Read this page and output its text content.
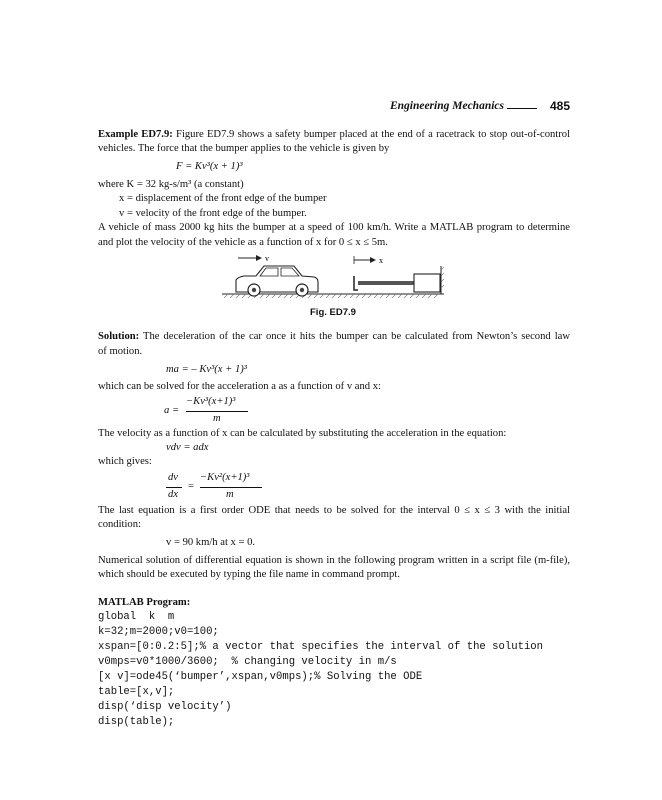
Engineering Mechanics	485
Example ED7.9: Figure ED7.9 shows a safety bumper placed at the end of a racetrack to stop out-of-control
vehicles. The force that the bumper applies to the vehicle is given by
F = Kv³(x + 1)³
where K = 32 kg-s/m³ (a constant)
x = displacement of the front edge of the bumper
v = velocity of the front edge of the bumper.
A vehicle of mass 2000 kg hits the bumper at a speed of 100 km/h. Write a MATLAB program to determine
and plot the velocity of the vehicle as a function of x for 0 ≤ x ≤ 5m.
v	x
Fig. ED7.9
Solution: The deceleration of the car once it hits the bumper can be calculated from Newton’s second law
of motion.
ma = – Kv³(x + 1)³
which can be solved for the acceleration a as a function of v and x:
a =
−Kv³(x+1)³
m
The velocity as a function of x can be calculated by substituting the acceleration in the equation:
vdv = adx
which gives:
dv
dx
=
−Kv²(x+1)³
m
The last equation is a first order ODE that needs to be solved for the interval 0 ≤ x ≤ 3 with the initial
condition:
v = 90 km/h at x = 0.
Numerical solution of differential equation is shown in the following program written in a script file (m-file),
which should be executed by typing the file name in command prompt.
MATLAB Program:
global  k  m
k=32;m=2000;v0=100;
xspan=[0:0.2:5];% a vector that specifies the interval of the solution
v0mps=v0*1000/3600;  % changing velocity in m/s
[x v]=ode45(‘bumper’,xspan,v0mps);% Solving the ODE
table=[x,v];
disp(‘disp velocity’)
disp(table);
